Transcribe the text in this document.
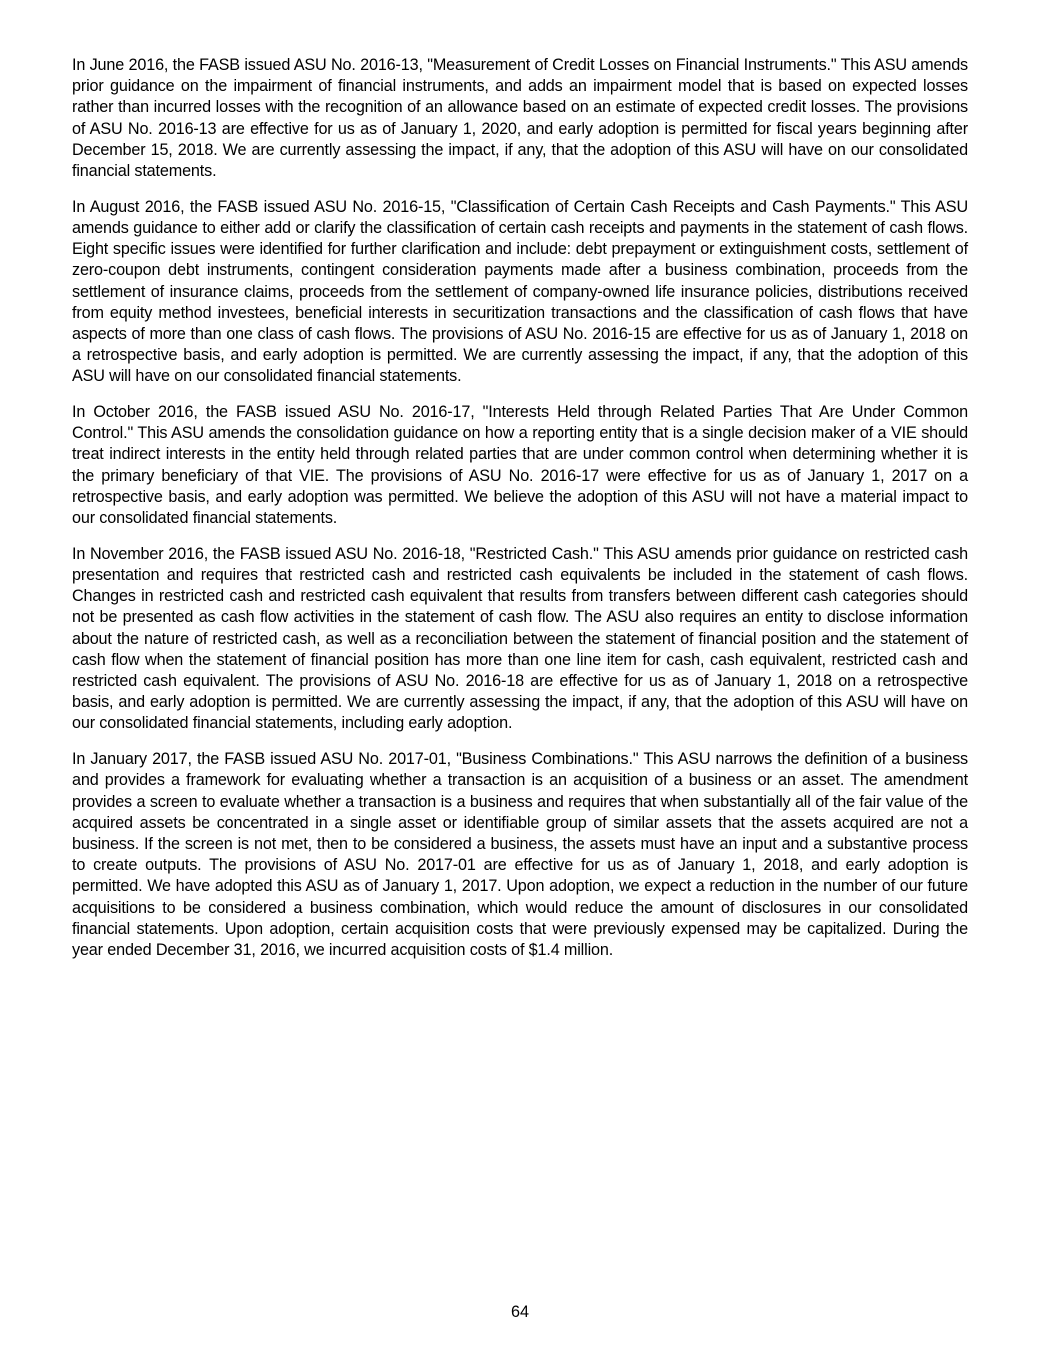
In June 2016, the FASB issued ASU No. 2016-13, "Measurement of Credit Losses on Financial Instruments." This ASU amends prior guidance on the impairment of financial instruments, and adds an impairment model that is based on expected losses rather than incurred losses with the recognition of an allowance based on an estimate of expected credit losses. The provisions of ASU No. 2016-13 are effective for us as of January 1, 2020, and early adoption is permitted for fiscal years beginning after December 15, 2018. We are currently assessing the impact, if any, that the adoption of this ASU will have on our consolidated financial statements.

In August 2016, the FASB issued ASU No. 2016-15, "Classification of Certain Cash Receipts and Cash Payments." This ASU amends guidance to either add or clarify the classification of certain cash receipts and payments in the statement of cash flows. Eight specific issues were identified for further clarification and include: debt prepayment or extinguishment costs, settlement of zero-coupon debt instruments, contingent consideration payments made after a business combination, proceeds from the settlement of insurance claims, proceeds from the settlement of company-owned life insurance policies, distributions received from equity method investees, beneficial interests in securitization transactions and the classification of cash flows that have aspects of more than one class of cash flows. The provisions of ASU No. 2016-15 are effective for us as of January 1, 2018 on a retrospective basis, and early adoption is permitted. We are currently assessing the impact, if any, that the adoption of this ASU will have on our consolidated financial statements.

In October 2016, the FASB issued ASU No. 2016-17, "Interests Held through Related Parties That Are Under Common Control." This ASU amends the consolidation guidance on how a reporting entity that is a single decision maker of a VIE should treat indirect interests in the entity held through related parties that are under common control when determining whether it is the primary beneficiary of that VIE. The provisions of ASU No. 2016-17 were effective for us as of January 1, 2017 on a retrospective basis, and early adoption was permitted. We believe the adoption of this ASU will not have a material impact to our consolidated financial statements.

In November 2016, the FASB issued ASU No. 2016-18, "Restricted Cash." This ASU amends prior guidance on restricted cash presentation and requires that restricted cash and restricted cash equivalents be included in the statement of cash flows. Changes in restricted cash and restricted cash equivalent that results from transfers between different cash categories should not be presented as cash flow activities in the statement of cash flow. The ASU also requires an entity to disclose information about the nature of restricted cash, as well as a reconciliation between the statement of financial position and the statement of cash flow when the statement of financial position has more than one line item for cash, cash equivalent, restricted cash and restricted cash equivalent. The provisions of ASU No. 2016-18 are effective for us as of January 1, 2018 on a retrospective basis, and early adoption is permitted. We are currently assessing the impact, if any, that the adoption of this ASU will have on our consolidated financial statements, including early adoption.

In January 2017, the FASB issued ASU No. 2017-01, "Business Combinations." This ASU narrows the definition of a business and provides a framework for evaluating whether a transaction is an acquisition of a business or an asset. The amendment provides a screen to evaluate whether a transaction is a business and requires that when substantially all of the fair value of the acquired assets be concentrated in a single asset or identifiable group of similar assets that the assets acquired are not a business. If the screen is not met, then to be considered a business, the assets must have an input and a substantive process to create outputs. The provisions of ASU No. 2017-01 are effective for us as of January 1, 2018, and early adoption is permitted. We have adopted this ASU as of January 1, 2017. Upon adoption, we expect a reduction in the number of our future acquisitions to be considered a business combination, which would reduce the amount of disclosures in our consolidated financial statements. Upon adoption, certain acquisition costs that were previously expensed may be capitalized. During the year ended December 31, 2016, we incurred acquisition costs of $1.4 million.

64
